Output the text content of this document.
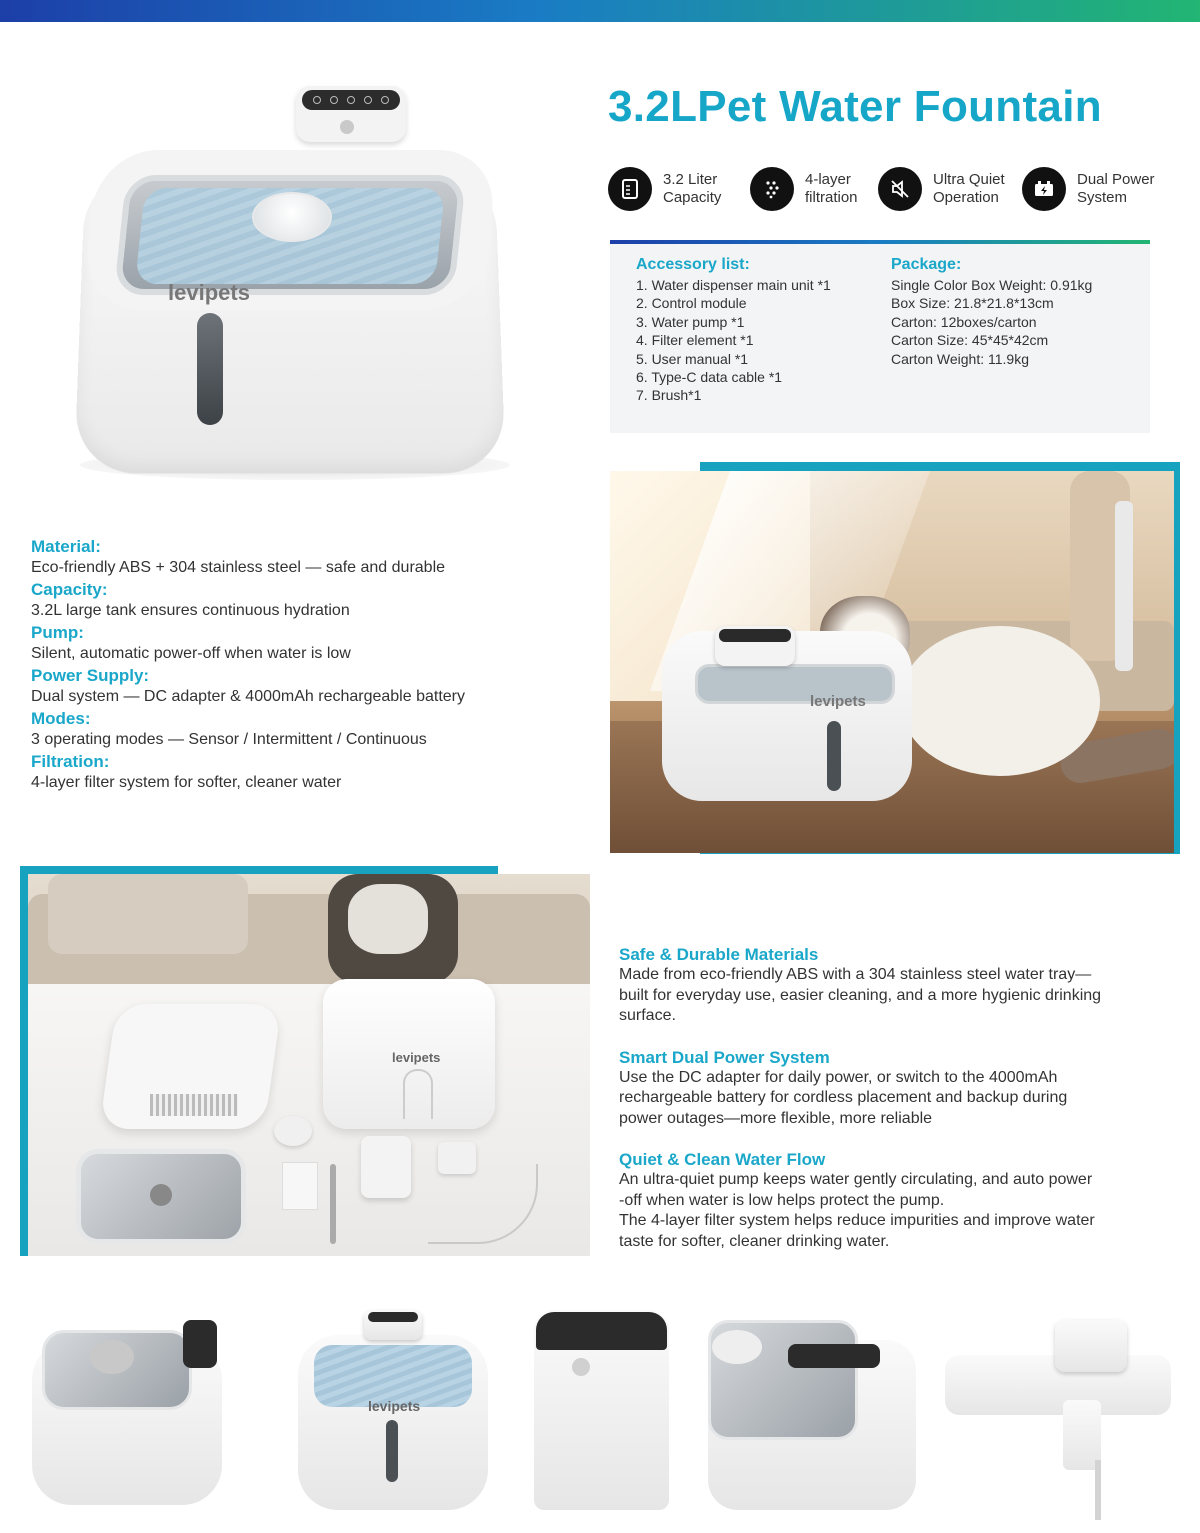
levipets
3.2LPet Water Fountain
3.2 Liter
Capacity
4-layer
filtration
Ultra Quiet
Operation
Dual Power
System
Accessory list:
1. Water dispenser main unit *1
2. Control module
3. Water pump *1
4. Filter element *1
5. User manual *1
6. Type-C data cable *1
7. Brush*1
Package:
Single Color Box Weight: 0.91kg
Box Size: 21.8*21.8*13cm
Carton: 12boxes/carton
Carton Size: 45*45*42cm
Carton Weight: 11.9kg
levipets
Material:
Eco-friendly ABS + 304 stainless steel — safe and durable
Capacity:
3.2L large tank ensures continuous hydration
Pump:
Silent, automatic power-off when water is low
Power Supply:
Dual system — DC adapter & 4000mAh rechargeable battery
Modes:
3 operating modes — Sensor / Intermittent / Continuous
Filtration:
4-layer filter system for softer, cleaner water
levipets
Safe & Durable Materials
Made from eco-friendly ABS with a 304 stainless steel water tray—
built for everyday use, easier cleaning, and a more hygienic drinking
surface.
Smart Dual Power System
Use the DC adapter for daily power, or switch to the 4000mAh
rechargeable battery for cordless placement and backup during
power outages—more flexible, more reliable
Quiet & Clean Water Flow
An ultra-quiet pump keeps water gently circulating, and auto power
-off when water is low helps protect the pump.
The 4-layer filter system helps reduce impurities and improve water
taste for softer, cleaner drinking water.
levipets
